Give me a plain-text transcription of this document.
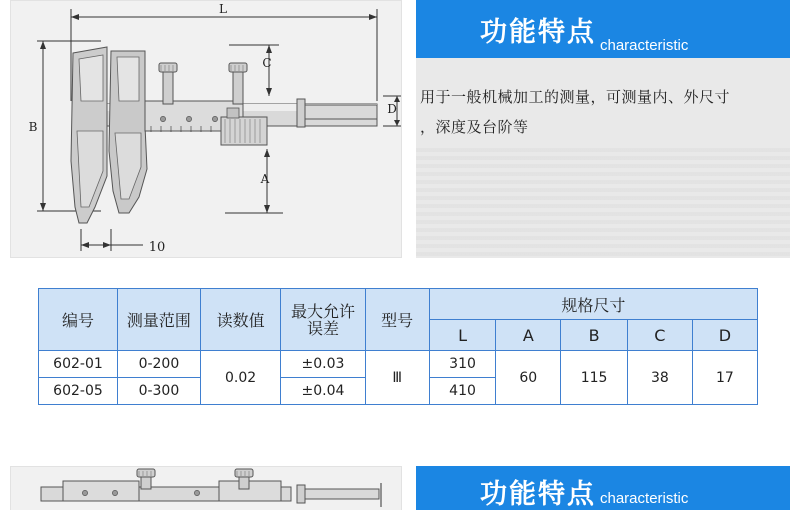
L
B
C
A
D
10
功能特点 characteristic
用于一般机械加工的测量，可测量内、外尺寸
，深度及台阶等
编号	测量范围	读数值	最大允许误差	型号	规格尺寸				
					L	A	B	C	D
602-01	0-200	0.02	±0.03	Ⅲ	310	60	115	38	17
602-05	0-300		±0.04		410				
功能特点 characteristic
